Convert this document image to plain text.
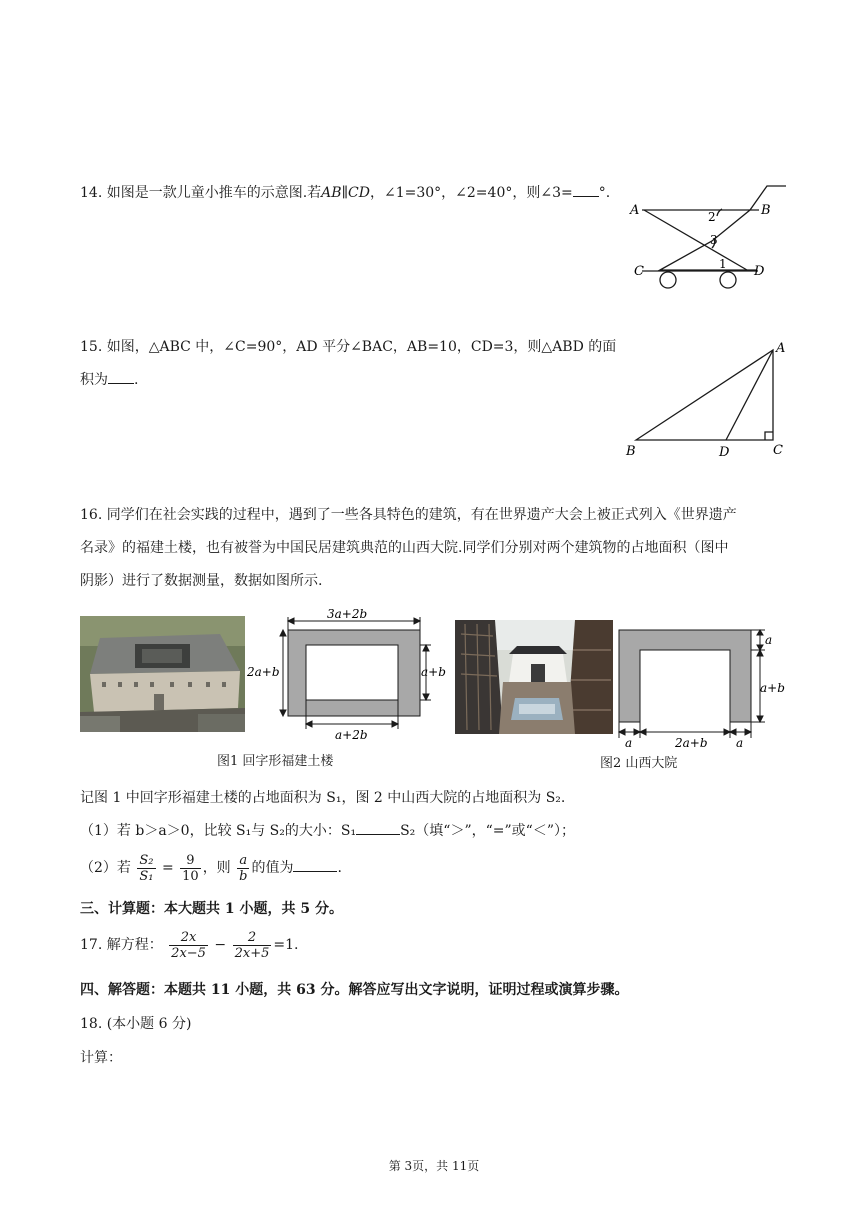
14. 如图是一款儿童小推车的示意图.若AB∥CD，∠1=30°，∠2=40°，则∠3= °.
A	B
C	D
2
3
1
15. 如图，△ABC 中，∠C=90°，AD 平分∠BAC，AB=10，CD=3，则△ABD 的面
积为 .
A
B	D	C
16. 同学们在社会实践的过程中，遇到了一些各具特色的建筑，有在世界遗产大会上被正式列入《世界遗产
名录》的福建土楼，也有被誉为中国民居建筑典范的山西大院.同学们分别对两个建筑物的占地面积（图中
阴影）进行了数据测量，数据如图所示.
3a+2b
2a+b	a+b
a+2b
a
a+b
a	2a+b a
图1 回字形福建土楼	图2 山西大院
记图 1 中回字形福建土楼的占地面积为 S₁，图 2 中山西大院的占地面积为 S₂.
（1）若 b＞a＞0，比较 S₁与 S₂的大小：S₁	S₂（填“＞”，“=”或“＜”）；
（2）若 $\frac{\text{S₂}}{\text{S₁}} = \frac{9}{10}$ ，则 $\frac{a}{b}$ 的值为	.
三、计算题：本大题共 1 小题，共 5 分。
17. 解方程： $\frac{2x}{2x-5} - \frac{2}{2x+5} =1$.
四、解答题：本题共 11 小题，共 63 分。解答应写出文字说明，证明过程或演算步骤。
18. (本小题 6 分)
计算：
第 3页，共 11页
